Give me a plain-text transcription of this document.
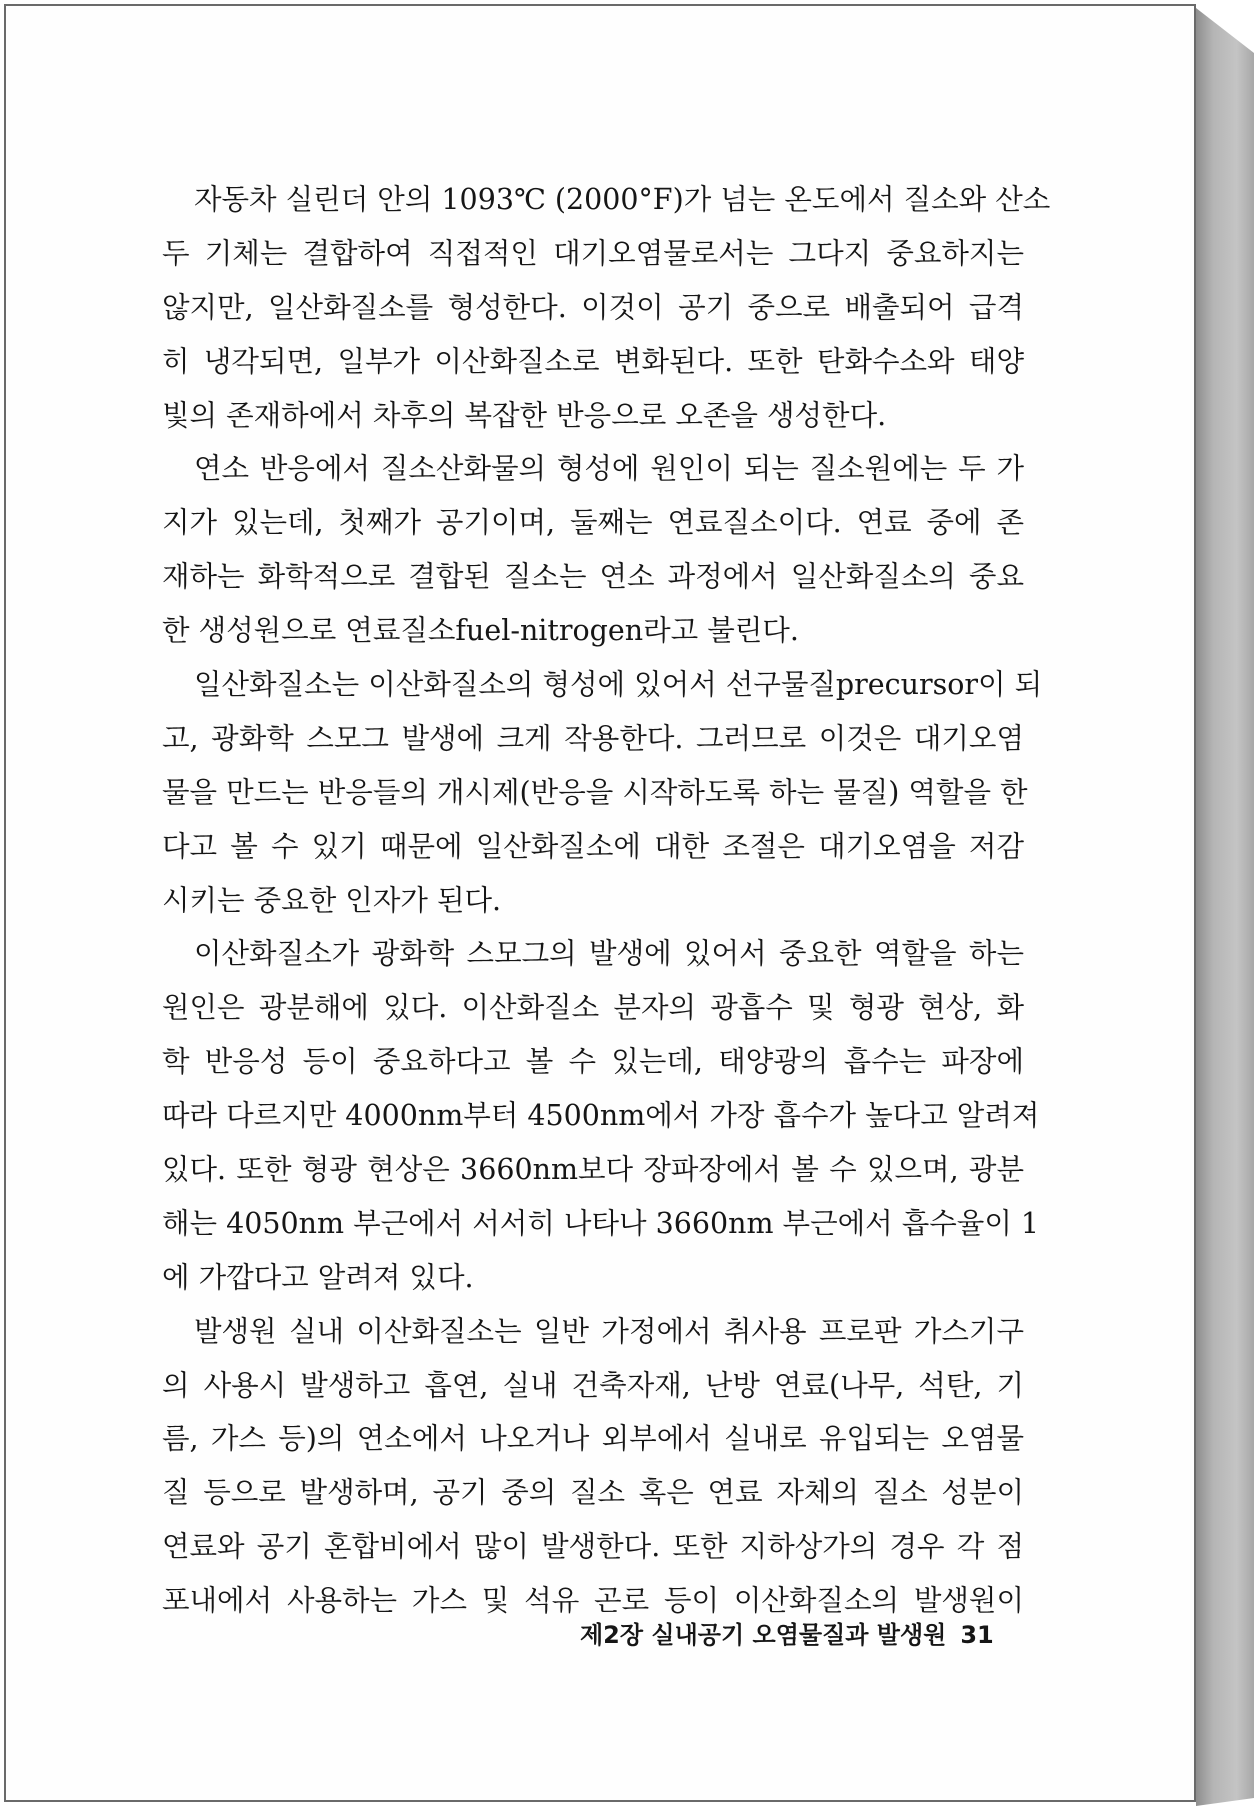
자동차 실린더 안의 1093℃ (2000°F)가 넘는 온도에서 질소와 산소
두 기체는 결합하여 직접적인 대기오염물로서는 그다지 중요하지는
않지만, 일산화질소를 형성한다. 이것이 공기 중으로 배출되어 급격
히 냉각되면, 일부가 이산화질소로 변화된다. 또한 탄화수소와 태양
빛의 존재하에서 차후의 복잡한 반응으로 오존을 생성한다.
연소 반응에서 질소산화물의 형성에 원인이 되는 질소원에는 두 가
지가 있는데, 첫째가 공기이며, 둘째는 연료질소이다. 연료 중에 존
재하는 화학적으로 결합된 질소는 연소 과정에서 일산화질소의 중요
한 생성원으로 연료질소fuel-nitrogen라고 불린다.
일산화질소는 이산화질소의 형성에 있어서 선구물질precursor이 되
고, 광화학 스모그 발생에 크게 작용한다. 그러므로 이것은 대기오염
물을 만드는 반응들의 개시제(반응을 시작하도록 하는 물질) 역할을 한
다고 볼 수 있기 때문에 일산화질소에 대한 조절은 대기오염을 저감
시키는 중요한 인자가 된다.
이산화질소가 광화학 스모그의 발생에 있어서 중요한 역할을 하는
원인은 광분해에 있다. 이산화질소 분자의 광흡수 및 형광 현상, 화
학 반응성 등이 중요하다고 볼 수 있는데, 태양광의 흡수는 파장에
따라 다르지만 4000nm부터 4500nm에서 가장 흡수가 높다고 알려져
있다. 또한 형광 현상은 3660nm보다 장파장에서 볼 수 있으며, 광분
해는 4050nm 부근에서 서서히 나타나 3660nm 부근에서 흡수율이 1
에 가깝다고 알려져 있다.
발생원 실내 이산화질소는 일반 가정에서 취사용 프로판 가스기구
의 사용시 발생하고 흡연, 실내 건축자재, 난방 연료(나무, 석탄, 기
름, 가스 등)의 연소에서 나오거나 외부에서 실내로 유입되는 오염물
질 등으로 발생하며, 공기 중의 질소 혹은 연료 자체의 질소 성분이
연료와 공기 혼합비에서 많이 발생한다. 또한 지하상가의 경우 각 점
포내에서 사용하는 가스 및 석유 곤로 등이 이산화질소의 발생원이
제2장 실내공기 오염물질과 발생원 31
